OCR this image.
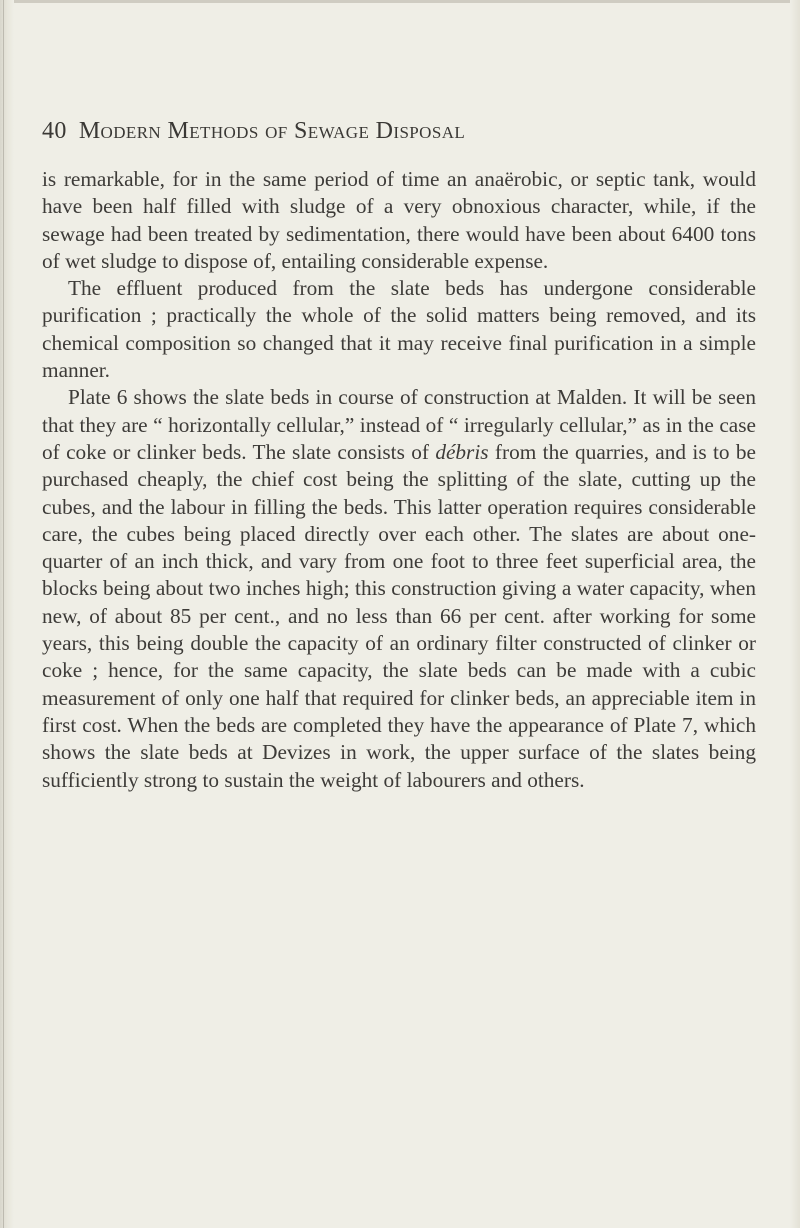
40 Modern Methods of Sewage Disposal

is remarkable, for in the same period of time an anaërobic, or septic tank, would have been half filled with sludge of a very obnoxious character, while, if the sewage had been treated by sedimentation, there would have been about 6400 tons of wet sludge to dispose of, entailing considerable expense.

The effluent produced from the slate beds has undergone considerable purification ; practically the whole of the solid matters being removed, and its chemical composition so changed that it may receive final purification in a simple manner.

Plate 6 shows the slate beds in course of construction at Malden. It will be seen that they are “ horizontally cellular,” instead of “ irregularly cellular,” as in the case of coke or clinker beds. The slate consists of débris from the quarries, and is to be purchased cheaply, the chief cost being the splitting of the slate, cutting up the cubes, and the labour in filling the beds. This latter operation requires considerable care, the cubes being placed directly over each other. The slates are about one-quarter of an inch thick, and vary from one foot to three feet superficial area, the blocks being about two inches high; this construction giving a water capacity, when new, of about 85 per cent., and no less than 66 per cent. after working for some years, this being double the capacity of an ordinary filter constructed of clinker or coke ; hence, for the same capacity, the slate beds can be made with a cubic measurement of only one half that required for clinker beds, an appreciable item in first cost. When the beds are completed they have the appearance of Plate 7, which shows the slate beds at Devizes in work, the upper surface of the slates being sufficiently strong to sustain the weight of labourers and others.
